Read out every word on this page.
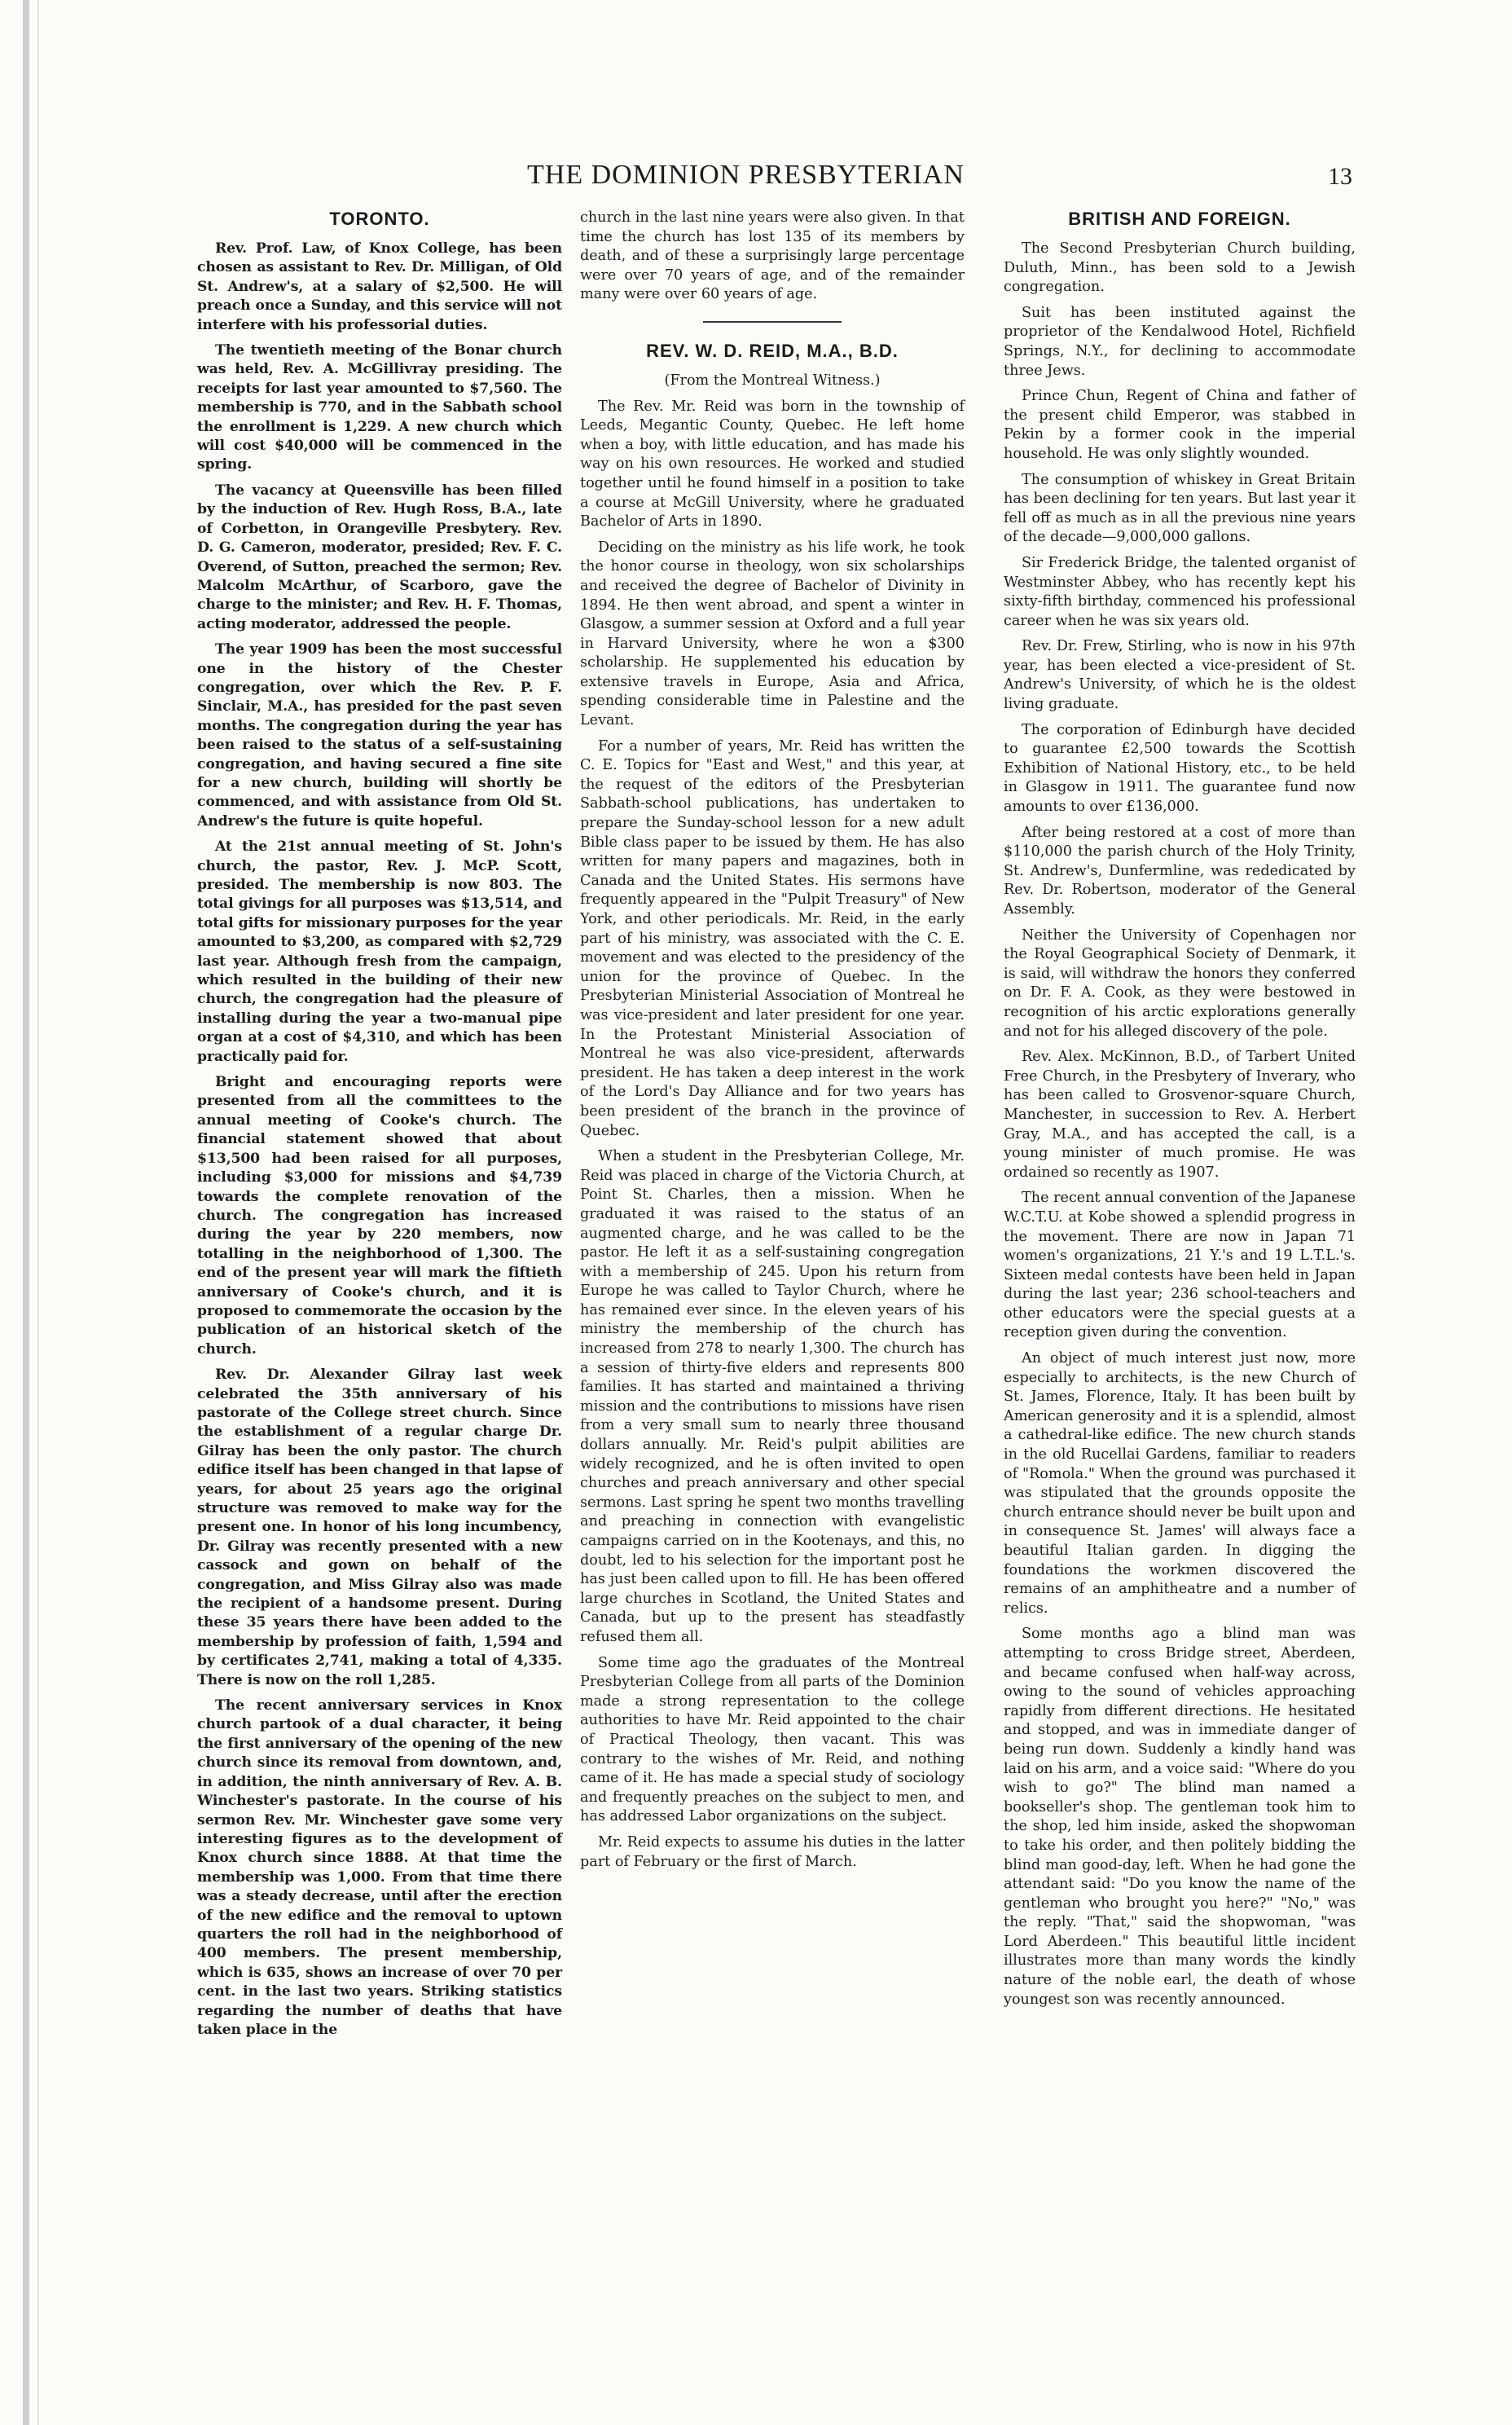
THE DOMINION PRESBYTERIAN	13
TORONTO.

Rev. Prof. Law, of Knox College, has been chosen as assistant to Rev. Dr. Milligan, of Old St. Andrew's, at a salary of $2,500. He will preach once a Sunday, and this service will not interfere with his professorial duties.

The twentieth meeting of the Bonar church was held, Rev. A. McGillivray presiding. The receipts for last year amounted to $7,560. The membership is 770, and in the Sabbath school the enrollment is 1,229. A new church which will cost $40,000 will be commenced in the spring.

The vacancy at Queensville has been filled by the induction of Rev. Hugh Ross, B.A., late of Corbetton, in Orangeville Presbytery. Rev. D. G. Cameron, moderator, presided; Rev. F. C. Overend, of Sutton, preached the sermon; Rev. Malcolm McArthur, of Scarboro, gave the charge to the minister; and Rev. H. F. Thomas, acting moderator, addressed the people.

The year 1909 has been the most successful one in the history of the Chester congregation, over which the Rev. P. F. Sinclair, M.A., has presided for the past seven months. The congregation during the year has been raised to the status of a self-sustaining congregation, and having secured a fine site for a new church, building will shortly be commenced, and with assistance from Old St. Andrew's the future is quite hopeful.

At the 21st annual meeting of St. John's church, the pastor, Rev. J. McP. Scott, presided. The membership is now 803. The total givings for all purposes was $13,514, and total gifts for missionary purposes for the year amounted to $3,200, as compared with $2,729 last year. Although fresh from the campaign, which resulted in the building of their new church, the congregation had the pleasure of installing during the year a two-manual pipe organ at a cost of $4,310, and which has been practically paid for.

Bright and encouraging reports were presented from all the committees to the annual meeting of Cooke's church. The financial statement showed that about $13,500 had been raised for all purposes, including $3,000 for missions and $4,739 towards the complete renovation of the church. The congregation has increased during the year by 220 members, now totalling in the neighborhood of 1,300. The end of the present year will mark the fiftieth anniversary of Cooke's church, and it is proposed to commemorate the occasion by the publication of an historical sketch of the church.

Rev. Dr. Alexander Gilray last week celebrated the 35th anniversary of his pastorate of the College street church. Since the establishment of a regular charge Dr. Gilray has been the only pastor. The church edifice itself has been changed in that lapse of years, for about 25 years ago the original structure was removed to make way for the present one. In honor of his long incumbency, Dr. Gilray was recently presented with a new cassock and gown on behalf of the congregation, and Miss Gilray also was made the recipient of a handsome present. During these 35 years there have been added to the membership by profession of faith, 1,594 and by certificates 2,741, making a total of 4,335. There is now on the roll 1,285.

The recent anniversary services in Knox church partook of a dual character, it being the first anniversary of the opening of the new church since its removal from downtown, and, in addition, the ninth anniversary of Rev. A. B. Winchester's pastorate. In the course of his sermon Rev. Mr. Winchester gave some very interesting figures as to the development of Knox church since 1888. At that time the membership was 1,000. From that time there was a steady decrease, until after the erection of the new edifice and the removal to uptown quarters the roll had in the neighborhood of 400 members. The present membership, which is 635, shows an increase of over 70 per cent. in the last two years. Striking statistics regarding the number of deaths that have taken place in the

church in the last nine years were also given. In that time the church has lost 135 of its members by death, and of these a surprisingly large percentage were over 70 years of age, and of the remainder many were over 60 years of age.

REV. W. D. REID, M.A., B.D.

(From the Montreal Witness.)

The Rev. Mr. Reid was born in the township of Leeds, Megantic County, Quebec. He left home when a boy, with little education, and has made his way on his own resources. He worked and studied together until he found himself in a position to take a course at McGill University, where he graduated Bachelor of Arts in 1890.

Deciding on the ministry as his life work, he took the honor course in theology, won six scholarships and received the degree of Bachelor of Divinity in 1894. He then went abroad, and spent a winter in Glasgow, a summer session at Oxford and a full year in Harvard University, where he won a $300 scholarship. He supplemented his education by extensive travels in Europe, Asia and Africa, spending considerable time in Palestine and the Levant.

For a number of years, Mr. Reid has written the C. E. Topics for "East and West," and this year, at the request of the editors of the Presbyterian Sabbath-school publications, has undertaken to prepare the Sunday-school lesson for a new adult Bible class paper to be issued by them. He has also written for many papers and magazines, both in Canada and the United States. His sermons have frequently appeared in the "Pulpit Treasury" of New York, and other periodicals. Mr. Reid, in the early part of his ministry, was associated with the C. E. movement and was elected to the presidency of the union for the province of Quebec. In the Presbyterian Ministerial Association of Montreal he was vice-president and later president for one year. In the Protestant Ministerial Association of Montreal he was also vice-president, afterwards president. He has taken a deep interest in the work of the Lord's Day Alliance and for two years has been president of the branch in the province of Quebec.

When a student in the Presbyterian College, Mr. Reid was placed in charge of the Victoria Church, at Point St. Charles, then a mission. When he graduated it was raised to the status of an augmented charge, and he was called to be the pastor. He left it as a self-sustaining congregation with a membership of 245. Upon his return from Europe he was called to Taylor Church, where he has remained ever since. In the eleven years of his ministry the membership of the church has increased from 278 to nearly 1,300. The church has a session of thirty-five elders and represents 800 families. It has started and maintained a thriving mission and the contributions to missions have risen from a very small sum to nearly three thousand dollars annually. Mr. Reid's pulpit abilities are widely recognized, and he is often invited to open churches and preach anniversary and other special sermons. Last spring he spent two months travelling and preaching in connection with evangelistic campaigns carried on in the Kootenays, and this, no doubt, led to his selection for the important post he has just been called upon to fill. He has been offered large churches in Scotland, the United States and Canada, but up to the present has steadfastly refused them all.

Some time ago the graduates of the Montreal Presbyterian College from all parts of the Dominion made a strong representation to the college authorities to have Mr. Reid appointed to the chair of Practical Theology, then vacant. This was contrary to the wishes of Mr. Reid, and nothing came of it. He has made a special study of sociology and frequently preaches on the subject to men, and has addressed Labor organizations on the subject.

Mr. Reid expects to assume his duties in the latter part of February or the first of March.

BRITISH AND FOREIGN.

The Second Presbyterian Church building, Duluth, Minn., has been sold to a Jewish congregation.

Suit has been instituted against the proprietor of the Kendalwood Hotel, Richfield Springs, N.Y., for declining to accommodate three Jews.

Prince Chun, Regent of China and father of the present child Emperor, was stabbed in Pekin by a former cook in the imperial household. He was only slightly wounded.

The consumption of whiskey in Great Britain has been declining for ten years. But last year it fell off as much as in all the previous nine years of the decade—9,000,000 gallons.

Sir Frederick Bridge, the talented organist of Westminster Abbey, who has recently kept his sixty-fifth birthday, commenced his professional career when he was six years old.

Rev. Dr. Frew, Stirling, who is now in his 97th year, has been elected a vice-president of St. Andrew's University, of which he is the oldest living graduate.

The corporation of Edinburgh have decided to guarantee £2,500 towards the Scottish Exhibition of National History, etc., to be held in Glasgow in 1911. The guarantee fund now amounts to over £136,000.

After being restored at a cost of more than $110,000 the parish church of the Holy Trinity, St. Andrew's, Dunfermline, was rededicated by Rev. Dr. Robertson, moderator of the General Assembly.

Neither the University of Copenhagen nor the Royal Geographical Society of Denmark, it is said, will withdraw the honors they conferred on Dr. F. A. Cook, as they were bestowed in recognition of his arctic explorations generally and not for his alleged discovery of the pole.

Rev. Alex. McKinnon, B.D., of Tarbert United Free Church, in the Presbytery of Inverary, who has been called to Grosvenor-square Church, Manchester, in succession to Rev. A. Herbert Gray, M.A., and has accepted the call, is a young minister of much promise. He was ordained so recently as 1907.

The recent annual convention of the Japanese W.C.T.U. at Kobe showed a splendid progress in the movement. There are now in Japan 71 women's organizations, 21 Y.'s and 19 L.T.L.'s. Sixteen medal contests have been held in Japan during the last year; 236 school-teachers and other educators were the special guests at a reception given during the convention.

An object of much interest just now, more especially to architects, is the new Church of St. James, Florence, Italy. It has been built by American generosity and it is a splendid, almost a cathedral-like edifice. The new church stands in the old Rucellai Gardens, familiar to readers of "Romola." When the ground was purchased it was stipulated that the grounds opposite the church entrance should never be built upon and in consequence St. James' will always face a beautiful Italian garden. In digging the foundations the workmen discovered the remains of an amphitheatre and a number of relics.

Some months ago a blind man was attempting to cross Bridge street, Aberdeen, and became confused when half-way across, owing to the sound of vehicles approaching rapidly from different directions. He hesitated and stopped, and was in immediate danger of being run down. Suddenly a kindly hand was laid on his arm, and a voice said: "Where do you wish to go?" The blind man named a bookseller's shop. The gentleman took him to the shop, led him inside, asked the shopwoman to take his order, and then politely bidding the blind man good-day, left. When he had gone the attendant said: "Do you know the name of the gentleman who brought you here?" "No," was the reply. "That," said the shopwoman, "was Lord Aberdeen." This beautiful little incident illustrates more than many words the kindly nature of the noble earl, the death of whose youngest son was recently announced.
